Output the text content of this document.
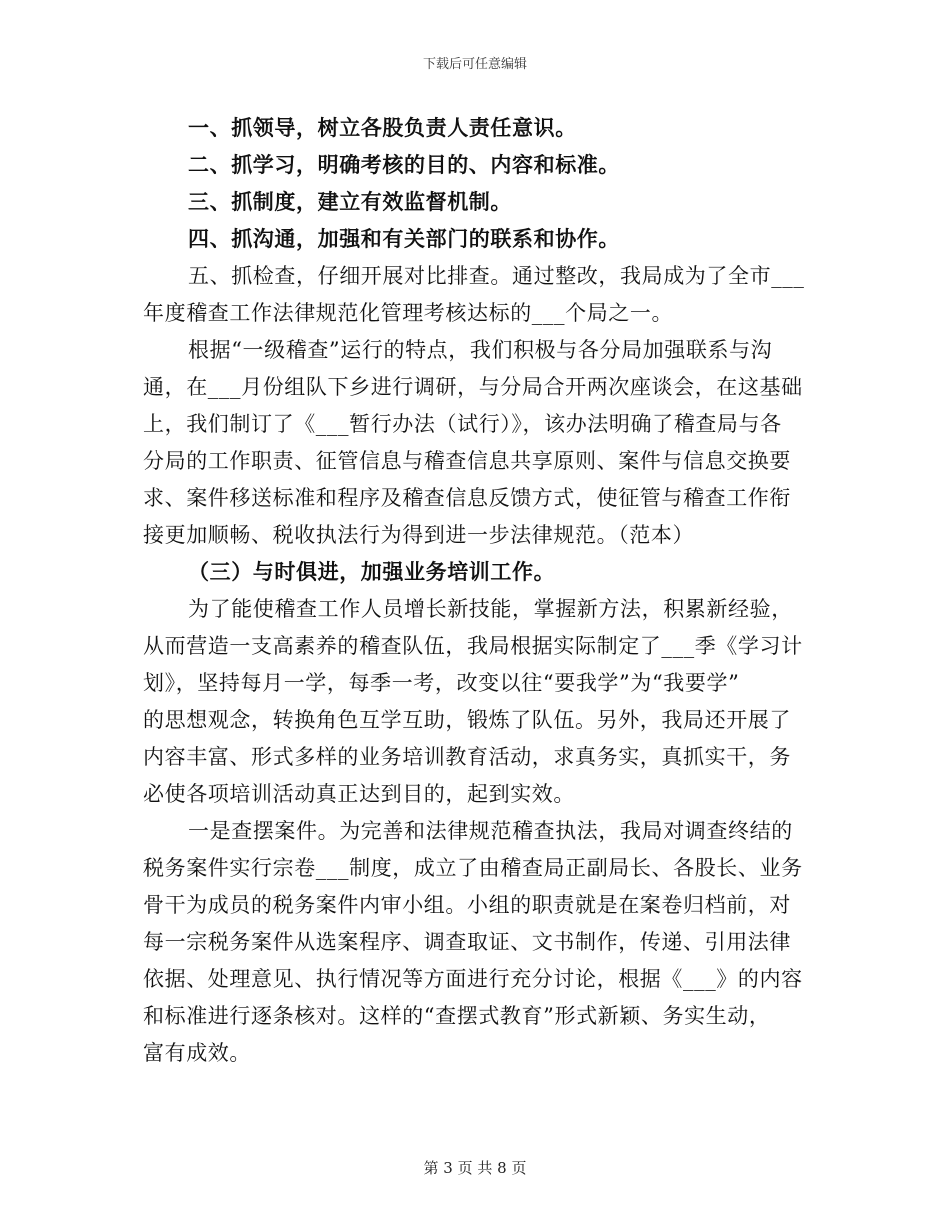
下载后可任意编辑
一、抓领导，树立各股负责人责任意识。
二、抓学习，明确考核的目的、内容和标准。
三、抓制度，建立有效监督机制。
四、抓沟通，加强和有关部门的联系和协作。
五、抓检查，仔细开展对比排查。通过整改，我局成为了全市___
年度稽查工作法律规范化管理考核达标的___个局之一。
根据“一级稽查”运行的特点，我们积极与各分局加强联系与沟
通，在___月份组队下乡进行调研，与分局合开两次座谈会，在这基础
上，我们制订了《___暂行办法（试行）》，该办法明确了稽查局与各
分局的工作职责、征管信息与稽查信息共享原则、案件与信息交换要
求、案件移送标准和程序及稽查信息反馈方式，使征管与稽查工作衔
接更加顺畅、税收执法行为得到进一步法律规范。（范本）
（三）与时俱进，加强业务培训工作。
为了能使稽查工作人员增长新技能，掌握新方法，积累新经验，
从而营造一支高素养的稽查队伍，我局根据实际制定了___季《学习计
划》，坚持每月一学，每季一考，改变以往“要我学”为“我要学”
的思想观念，转换角色互学互助，锻炼了队伍。另外，我局还开展了
内容丰富、形式多样的业务培训教育活动，求真务实，真抓实干，务
必使各项培训活动真正达到目的，起到实效。
一是查摆案件。为完善和法律规范稽查执法，我局对调查终结的
税务案件实行宗卷___制度，成立了由稽查局正副局长、各股长、业务
骨干为成员的税务案件内审小组。小组的职责就是在案卷归档前，对
每一宗税务案件从选案程序、调查取证、文书制作，传递、引用法律
依据、处理意见、执行情况等方面进行充分讨论，根据《___》的内容
和标准进行逐条核对。这样的“查摆式教育”形式新颖、务实生动，
富有成效。
第 3 页 共 8 页
